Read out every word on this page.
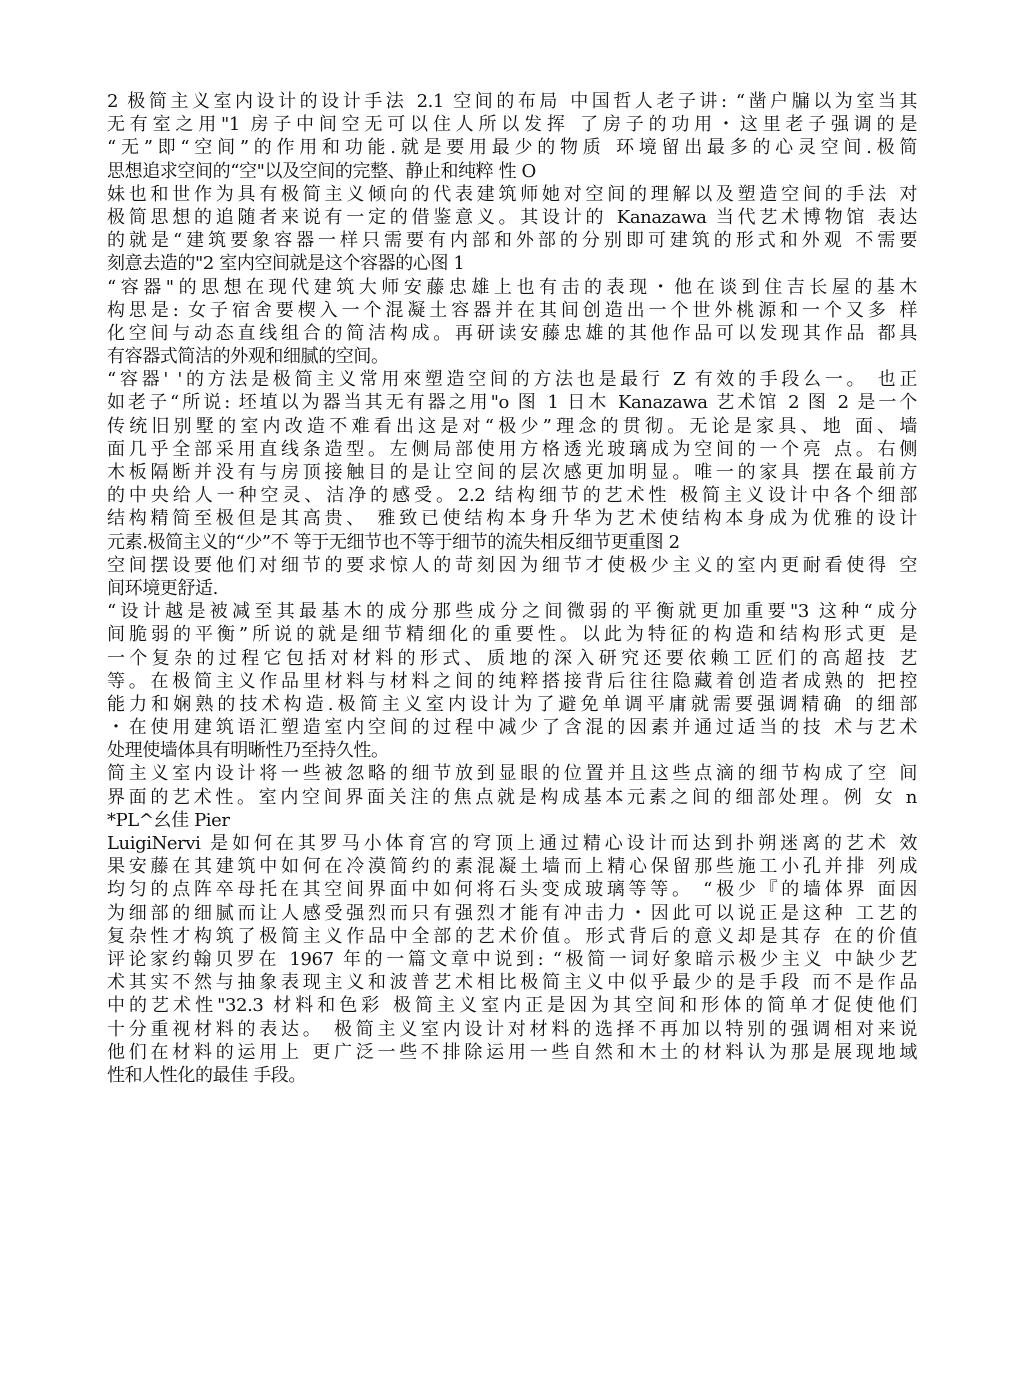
2 极简主义室内设计的设计手法 2.1 空间的布局 中国哲人老子讲: “凿户牖以为室当其
无有室之用"1 房子中间空无可以住人所以发挥 了房子的功用・这里老子强调的是
“无”即“空间”的作用和功能.就是要用最少的物质 环境留出最多的心灵空间.极简
思想追求空间的“空"以及空间的完整、静止和纯粹 性 O
妹也和世作为具有极简主义倾向的代表建筑师她对空间的理解以及塑造空间的手法 对
极简思想的追随者来说有一定的借鉴意义。其设计的 Kanazawa 当代艺术博物馆 表达
的就是“建筑要象容器一样只需要有内部和外部的分别即可建筑的形式和外观 不需要
刻意去造的"2 室内空间就是这个容器的心图 1
“容器"的思想在现代建筑大师安藤忠雄上也有击的表现・他在谈到住吉长屋的基木
构思是: 女子宿舍要楔入一个混凝土容器并在其间创造出一个世外桃源和一个又多 样
化空间与动态直线组合的简洁构成。再研读安藤忠雄的其他作品可以发现其作品 都具
有容器式简洁的外观和细腻的空间。
“容器' '的方法是极简主义常用來塑造空间的方法也是最行 Z 有效的手段么一。 也正
如老子“所说: 坯埴以为器当其无有器之用"o 图 1 日木 Kanazawa 艺术馆 2 图 2 是一个
传统旧别墅的室内改造不难看出这是对“极少”理念的贯彻。无论是家具、地 面、墙
面几乎全部采用直线条造型。左侧局部使用方格透光玻璃成为空间的一个亮 点。右侧
木板隔断并没有与房顶接触目的是让空间的层次感更加明显。唯一的家具 摆在最前方
的中央给人一种空灵、洁净的感受。2.2 结构细节的艺术性 极简主义设计中各个细部
结构精简至极但是其高贵、 雅致已使结构本身升华为艺术使结构本身成为优雅的设计
元素.极简主义的“少”不 等于无细节也不等于细节的流失相反细节更重图 2
空间摆设要他们对细节的要求惊人的苛刻因为细节才使极少主义的室内更耐看使得 空
间环境更舒适.
“设计越是被减至其最基木的成分那些成分之间微弱的平衡就更加重要"3 这种“成分
间脆弱的平衡”所说的就是细节精细化的重要性。以此为特征的构造和结构形式更 是
一个复杂的过程它包括对材料的形式、质地的深入研究还要依赖工匠们的高超技 艺
等。在极简主义作品里材料与材料之间的纯粹搭接背后往往隐藏着创造者成熟的 把控
能力和娴熟的技术构造.极简主义室内设计为了避免单调平庸就需要强调精确 的细部
・在使用建筑语汇塑造室内空间的过程中减少了含混的因素并通过适当的技 术与艺术
处理使墙体具有明晰性乃至持久性。
简主义室内设计将一些被忽略的细节放到显眼的位置并且这些点滴的细节构成了空 间
界面的艺术性。室内空间界面关注的焦点就是构成基本元素之间的细部处理。例 女 n
*PL^幺佳 Pier
LuigiNervi 是如何在其罗马小体育宫的穹顶上通过精心设计而达到扑朔迷离的艺术 效
果安藤在其建筑中如何在冷漠简约的素混凝土墙而上精心保留那些施工小孔并排 列成
均匀的点阵卒母托在其空间界面中如何将石头变成玻璃等等。 “极少『的墙体界 面因
为细部的细腻而让人感受强烈而只有强烈才能有冲击力・因此可以说正是这种 工艺的
复杂性才构筑了极简主义作品中全部的艺术价值。形式背后的意义却是其存 在的价值
评论家约翰贝罗在 1967 年的一篇文章中说到: “极简一词好象暗示极少主义 中缺少艺
术其实不然与抽象表现主义和波普艺术相比极简主义中似乎最少的是手段 而不是作品
中的艺术性"32.3 材料和色彩 极简主义室内正是因为其空间和形体的简单才促使他们
十分重视材料的表达。 极简主义室内设计对材料的选择不再加以特别的强调相对来说
他们在材料的运用上 更广泛一些不排除运用一些自然和木土的材料认为那是展现地域
性和人性化的最佳 手段。
